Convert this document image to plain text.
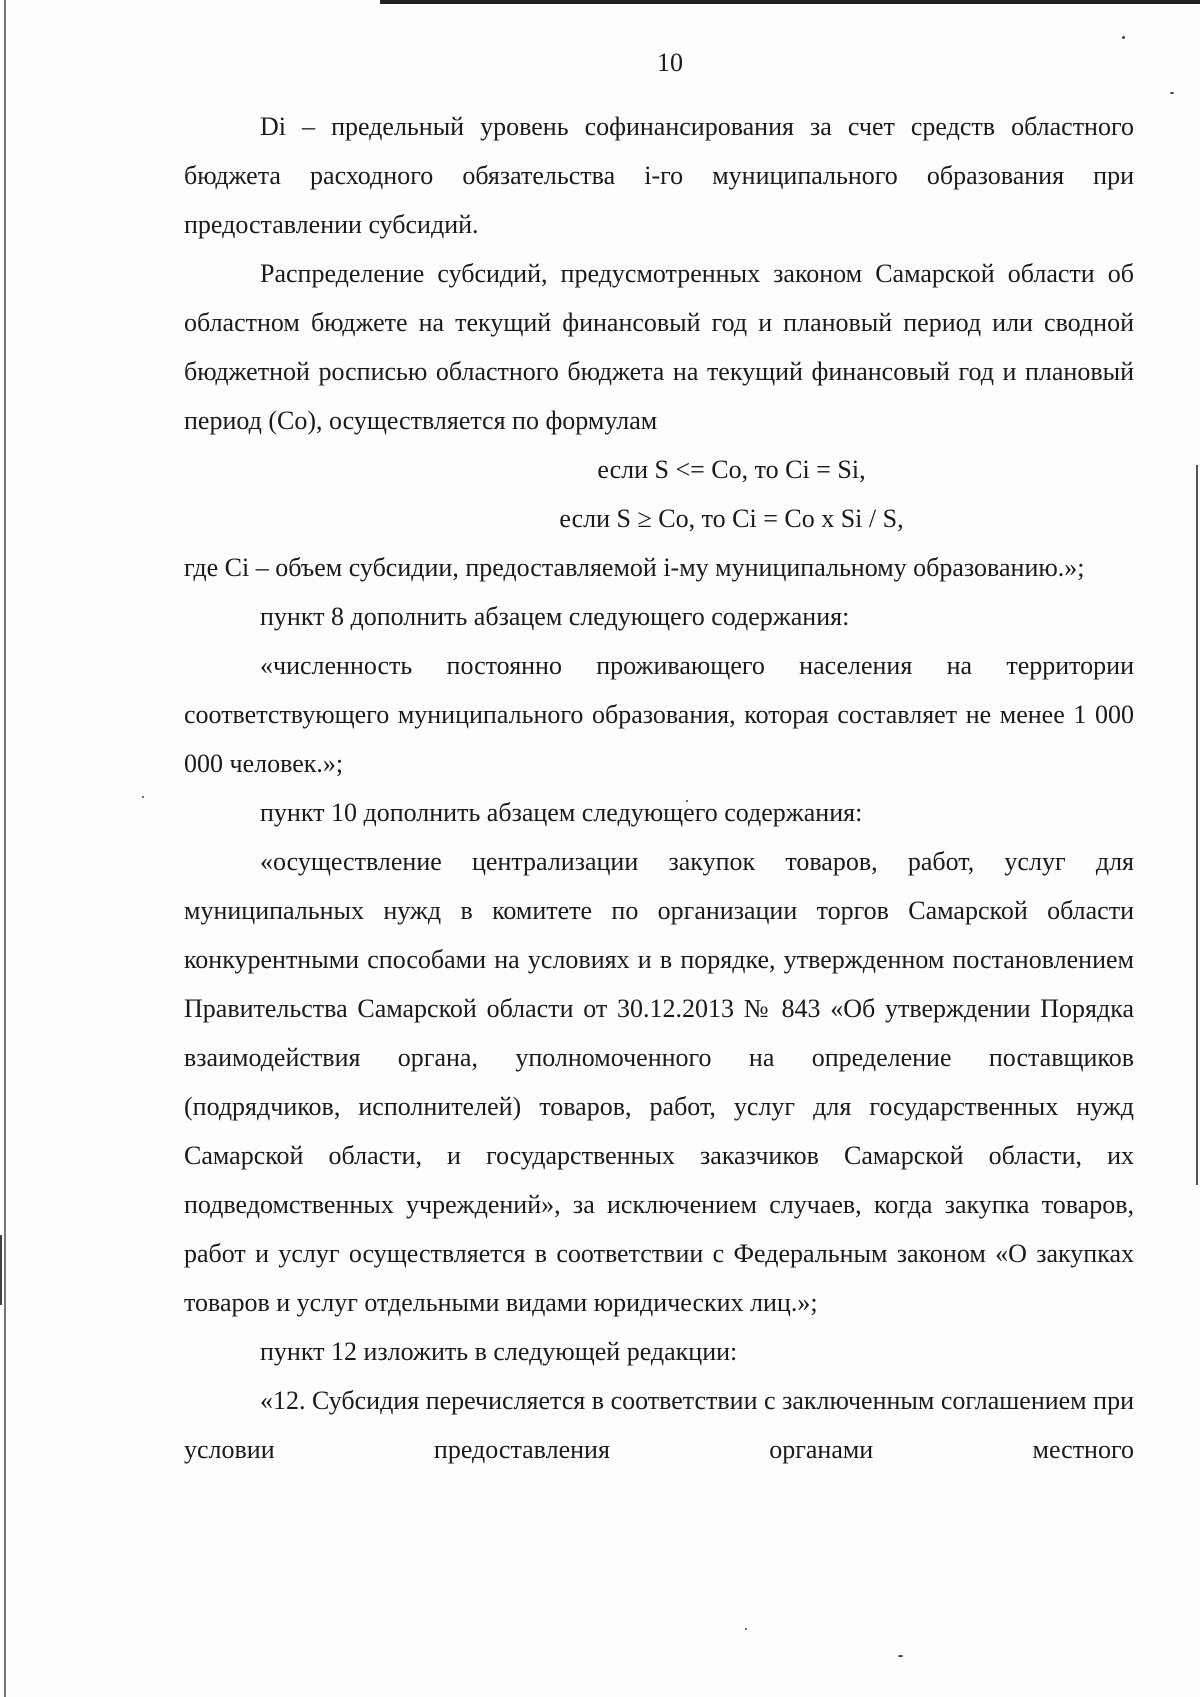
10

Di – предельный уровень софинансирования за счет средств областного бюджета расходного обязательства i-го муниципального образования при предоставлении субсидий.

Распределение субсидий, предусмотренных законом Самарской области об областном бюджете на текущий финансовый год и плановый период или сводной бюджетной росписью областного бюджета на текущий финансовый год и плановый период (Со), осуществляется по формулам

если S <= Со, то Сi = Si,

если S ≥ Co, то Ci = Co x Si / S,

где Ci – объем субсидии, предоставляемой i-му муниципальному образованию.»;

пункт 8 дополнить абзацем следующего содержания:

«численность постоянно проживающего населения на территории соответствующего муниципального образования, которая составляет не менее 1 000 000 человек.»;

пункт 10 дополнить абзацем следующего содержания:

«осуществление централизации закупок товаров, работ, услуг для муниципальных нужд в комитете по организации торгов Самарской области конкурентными способами на условиях и в порядке, утвержденном постановлением Правительства Самарской области от 30.12.2013 № 843 «Об утверждении Порядка взаимодействия органа, уполномоченного на определение поставщиков (подрядчиков, исполнителей) товаров, работ, услуг для государственных нужд Самарской области, и государственных заказчиков Самарской области, их подведомственных учреждений», за исключением случаев, когда закупка товаров, работ и услуг осуществляется в соответствии с Федеральным законом «О закупках товаров и услуг отдельными видами юридических лиц.»;

пункт 12 изложить в следующей редакции:

«12. Субсидия перечисляется в соответствии с заключенным соглашением при условии предоставления органами местного
